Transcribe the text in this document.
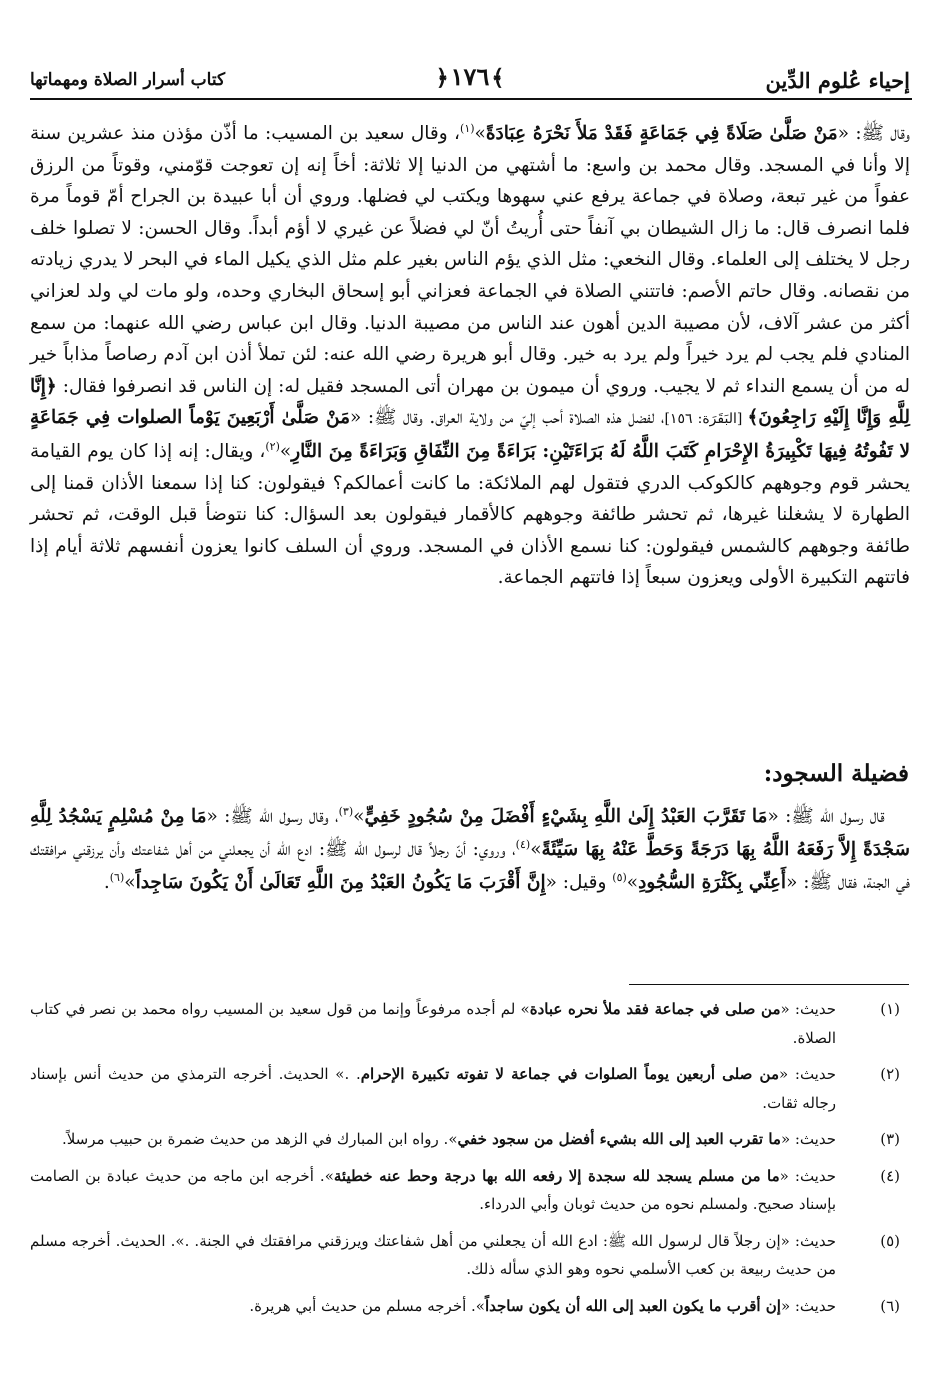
إحياء عُلوم الدِّين
﴾١٧٦﴿
كتاب أسرار الصلاة ومهماتها

وقال ﷺ: «مَنْ صَلَّىٰ صَلَاةً فِي جَمَاعَةٍ فَقَدْ مَلأَ نَحْرَهُ عِبَادَةً»$^{(١)}$، وقال سعيد بن المسيب: ما أذّن مؤذن منذ عشرين سنة إلا وأنا في المسجد. وقال محمد بن واسع: ما أشتهي من الدنيا إلا ثلاثة: أخاً إنه إن تعوجت قوّمني، وقوتاً من الرزق عفواً من غير تبعة، وصلاة في جماعة يرفع عني سهوها ويكتب لي فضلها. وروي أن أبا عبيدة بن الجراح أمّ قوماً مرة فلما انصرف قال: ما زال الشيطان بي آنفاً حتى أُريتُ أنّ لي فضلاً عن غيري لا أؤم أبداً. وقال الحسن: لا تصلوا خلف رجل لا يختلف إلى العلماء. وقال النخعي: مثل الذي يؤم الناس بغير علم مثل الذي يكيل الماء في البحر لا يدري زيادته من نقصانه. وقال حاتم الأصم: فاتتني الصلاة في الجماعة فعزاني أبو إسحاق البخاري وحده، ولو مات لي ولد لعزاني أكثر من عشر آلاف، لأن مصيبة الدين أهون عند الناس من مصيبة الدنيا. وقال ابن عباس رضي الله عنهما: من سمع المنادي فلم يجب لم يرد خيراً ولم يرد به خير. وقال أبو هريرة رضي الله عنه: لئن تملأ أذن ابن آدم رصاصاً مذاباً خير له من أن يسمع النداء ثم لا يجيب. وروي أن ميمون بن مهران أتى المسجد فقيل له: إن الناس قد انصرفوا فقال: ﴿إِنَّا لِلَّهِ وَإِنَّا إِلَيْهِ رَاجِعُونَ﴾ [البَقَرَة: ١٥٦]، لفضل هذه الصلاة أحب إليّ من ولاية العراق. وقال ﷺ: «مَنْ صَلَّىٰ أَرْبَعِينَ يَوْماً الصلوات فِي جَمَاعَةٍ لا تَفُوتُهُ فِيهَا تَكْبِيرَةُ الإِحْرَامِ كَتَبَ اللَّهُ لَهُ بَرَاءَتَيْنِ: بَرَاءَةً مِنَ النِّفَاقِ وَبَرَاءَةً مِنَ النَّارِ»$^{(٢)}$، ويقال: إنه إذا كان يوم القيامة يحشر قوم وجوههم كالكوكب الدري فتقول لهم الملائكة: ما كانت أعمالكم؟ فيقولون: كنا إذا سمعنا الأذان قمنا إلى الطهارة لا يشغلنا غيرها، ثم تحشر طائفة وجوههم كالأقمار فيقولون بعد السؤال: كنا نتوضأ قبل الوقت، ثم تحشر طائفة وجوههم كالشمس فيقولون: كنا نسمع الأذان في المسجد. وروي أن السلف كانوا يعزون أنفسهم ثلاثة أيام إذا فاتتهم التكبيرة الأولى ويعزون سبعاً إذا فاتتهم الجماعة.

فضيلة السجود:

قال رسول الله ﷺ: «مَا تَقَرَّبَ العَبْدُ إِلَىٰ اللَّهِ بِشَيْءٍ أَفْضَلَ مِنْ سُجُودٍ خَفِيٍّ»$^{(٣)}$، وقال رسول الله ﷺ: «مَا مِنْ مُسْلِمٍ يَسْجُدُ لِلَّهِ سَجْدَةً إِلاَّ رَفَعَهُ اللَّهُ بِهَا دَرَجَةً وَحَطَّ عَنْهُ بِهَا سَيِّئَةً»$^{(٤)}$، وروي: أنّ رجلاً قال لرسول الله ﷺ: ادع الله أن يجعلني من أهل شفاعتك وأن يرزقني مرافقتك في الجنة، فقال ﷺ: «أَعِنِّي بِكَثْرَةِ السُّجُودِ»$^{(٥)}$ وقيل: «إِنَّ أَقْرَبَ مَا يَكُونُ العَبْدُ مِنَ اللَّهِ تَعَالَىٰ أَنْ يَكُونَ سَاجِداً»$^{(٦)}$.

(١)
حديث: «من صلى في جماعة فقد ملأ نحره عبادة» لم أجده مرفوعاً وإنما من قول سعيد بن المسيب رواه محمد بن نصر في كتاب الصلاة.
(٢)
حديث: «من صلى أربعين يوماً الصلوات في جماعة لا تفوته تكبيرة الإحرام. .» الحديث. أخرجه الترمذي من حديث أنس بإسناد رجاله ثقات.
(٣)
حديث: «ما تقرب العبد إلى الله بشيء أفضل من سجود خفي». رواه ابن المبارك في الزهد من حديث ضمرة بن حبيب مرسلاً.
(٤)
حديث: «ما من مسلم يسجد لله سجدة إلا رفعه الله بها درجة وحط عنه خطيئة». أخرجه ابن ماجه من حديث عبادة بن الصامت بإسناد صحيح. ولمسلم نحوه من حديث ثوبان وأبي الدرداء.
(٥)
حديث: «إن رجلاً قال لرسول الله ﷺ: ادع الله أن يجعلني من أهل شفاعتك ويرزقني مرافقتك في الجنة. .». الحديث. أخرجه مسلم من حديث ربيعة بن كعب الأسلمي نحوه وهو الذي سأله ذلك.
(٦)
حديث: «إن أقرب ما يكون العبد إلى الله أن يكون ساجداً». أخرجه مسلم من حديث أبي هريرة.
